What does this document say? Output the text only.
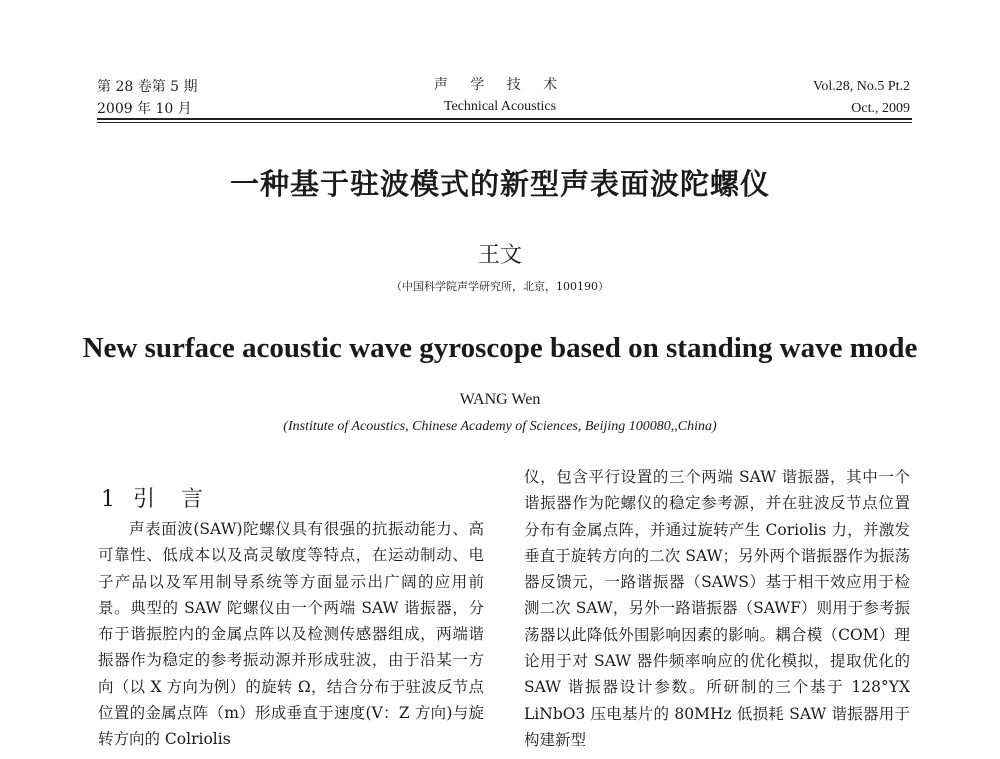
第 28 卷第 5 期
2009 年 10 月
声 学 技 术
Technical Acoustics
Vol.28, No.5 Pt.2
Oct., 2009
一种基于驻波模式的新型声表面波陀螺仪
王文
（中国科学院声学研究所，北京，100190）
New surface acoustic wave gyroscope based on standing wave mode
WANG Wen
(Institute of Acoustics, Chinese Academy of Sciences, Beijing 100080,,China)
1 引言

声表面波(SAW)陀螺仪具有很强的抗振动能力、高可靠性、低成本以及高灵敏度等特点，在运动制动、电子产品以及军用制导系统等方面显示出广阔的应用前景。典型的 SAW 陀螺仪由一个两端 SAW 谐振器，分布于谐振腔内的金属点阵以及检测传感器组成，两端谐振器作为稳定的参考振动源并形成驻波，由于沿某一方向（以 X 方向为例）的旋转 Ω，结合分布于驻波反节点位置的金属点阵（m）形成垂直于速度(V：Z 方向)与旋转方向的 Colriolis

仪，包含平行设置的三个两端 SAW 谐振器，其中一个谐振器作为陀螺仪的稳定参考源，并在驻波反节点位置分布有金属点阵，并通过旋转产生 Coriolis 力，并激发垂直于旋转方向的二次 SAW；另外两个谐振器作为振荡器反馈元，一路谐振器（SAWS）基于相干效应用于检测二次 SAW，另外一路谐振器（SAWF）则用于参考振荡器以此降低外围影响因素的影响。耦合模（COM）理论用于对 SAW 器件频率响应的优化模拟，提取优化的 SAW 谐振器设计参数。所研制的三个基于 128°YX LiNbO3 压电基片的 80MHz 低损耗 SAW 谐振器用于构建新型
